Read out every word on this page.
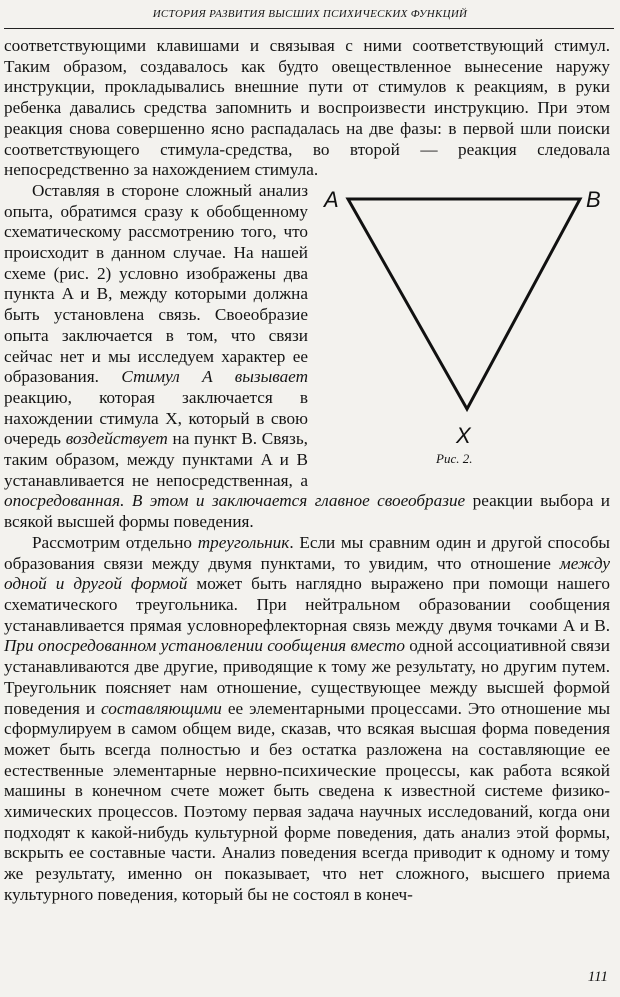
ИСТОРИЯ РАЗВИТИЯ ВЫСШИХ ПСИХИЧЕСКИХ ФУНКЦИЙ

соответствующими клавишами и связывая с ними соответствующий стимул. Таким образом, создавалось как будто овеществленное вынесение наружу инструкции, прокладывались внешние пути от стимулов к реакциям, в руки ребенка давались средства запомнить и воспроизвести инструкцию. При этом реакция снова совершенно ясно распадалась на две фазы: в первой шли поиски соответствующего стимула-средства, во второй — реакция следовала непосредственно за нахождением стимула.

A	B
X
Рис. 2.

Оставляя в стороне сложный анализ опыта, обратимся сразу к обобщенному схематическому рассмотрению того, что происходит в данном случае. На нашей схеме (рис. 2) условно изображены два пункта A и B, между которыми должна быть установлена связь. Своеобразие опыта заключается в том, что связи сейчас нет и мы исследуем характер ее образования. Стимул A вызывает реакцию, которая заключается в нахождении стимула X, который в свою очередь воздействует на пункт B. Связь, таким образом, между пунктами A и B устанавливается не непосредственная, а опосредованная. В этом и заключается главное своеобразие реакции выбора и всякой высшей формы поведения.

Рассмотрим отдельно треугольник. Если мы сравним один и другой способы образования связи между двумя пунктами, то увидим, что отношение между одной и другой формой может быть наглядно выражено при помощи нашего схематического треугольника. При нейтральном образовании сообщения устанавливается прямая условнорефлекторная связь между двумя точками A и B. При опосредованном установлении сообщения вместо одной ассоциативной связи устанавливаются две другие, приводящие к тому же результату, но другим путем. Треугольник поясняет нам отношение, существующее между высшей формой поведения и составляющими ее элементарными процессами. Это отношение мы сформулируем в самом общем виде, сказав, что всякая высшая форма поведения может быть всегда полностью и без остатка разложена на составляющие ее естественные элементарные нервно-психические процессы, как работа всякой машины в конечном счете может быть сведена к известной системе физико-химических процессов. Поэтому первая задача научных исследований, когда они подходят к какой-нибудь культурной форме поведения, дать анализ этой формы, вскрыть ее составные части. Анализ поведения всегда приводит к одному и тому же результату, именно он показывает, что нет сложного, высшего приема культурного поведения, который бы не состоял в конеч-

111
